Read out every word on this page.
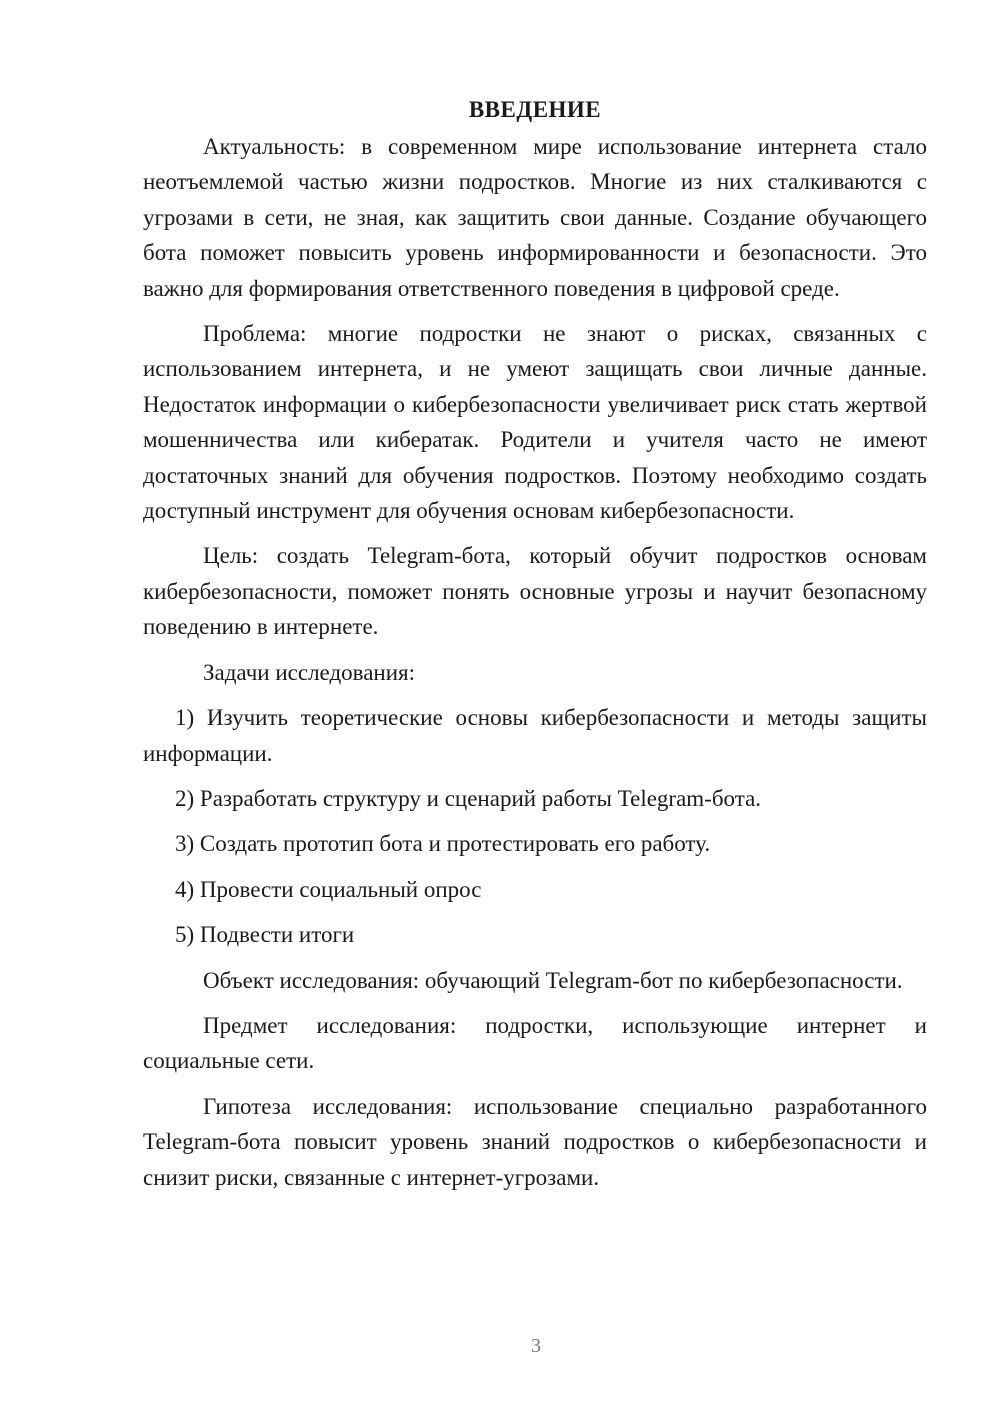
ВВЕДЕНИЕ

Актуальность: в современном мире использование интернета стало неотъемлемой частью жизни подростков. Многие из них сталкиваются с угрозами в сети, не зная, как защитить свои данные. Создание обучающего бота поможет повысить уровень информированности и безопасности. Это важно для формирования ответственного поведения в цифровой среде.

Проблема: многие подростки не знают о рисках, связанных с использованием интернета, и не умеют защищать свои личные данные. Недостаток информации о кибербезопасности увеличивает риск стать жертвой мошенничества или кибератак. Родители и учителя часто не имеют достаточных знаний для обучения подростков. Поэтому необходимо создать доступный инструмент для обучения основам кибербезопасности.

Цель: создать Telegram-бота, который обучит подростков основам кибербезопасности, поможет понять основные угрозы и научит безопасному поведению в интернете.

Задачи исследования:

1) Изучить теоретические основы кибербезопасности и методы защиты информации.

2) Разработать структуру и сценарий работы Telegram-бота.

3) Создать прототип бота и протестировать его работу.

4) Провести социальный опрос

5) Подвести итоги

Объект исследования: обучающий Telegram-бот по кибербезопасности.

Предмет исследования: подростки, использующие интернет и социальные сети.

Гипотеза исследования: использование специально разработанного Telegram-бота повысит уровень знаний подростков о кибербезопасности и снизит риски, связанные с интернет-угрозами.

3
